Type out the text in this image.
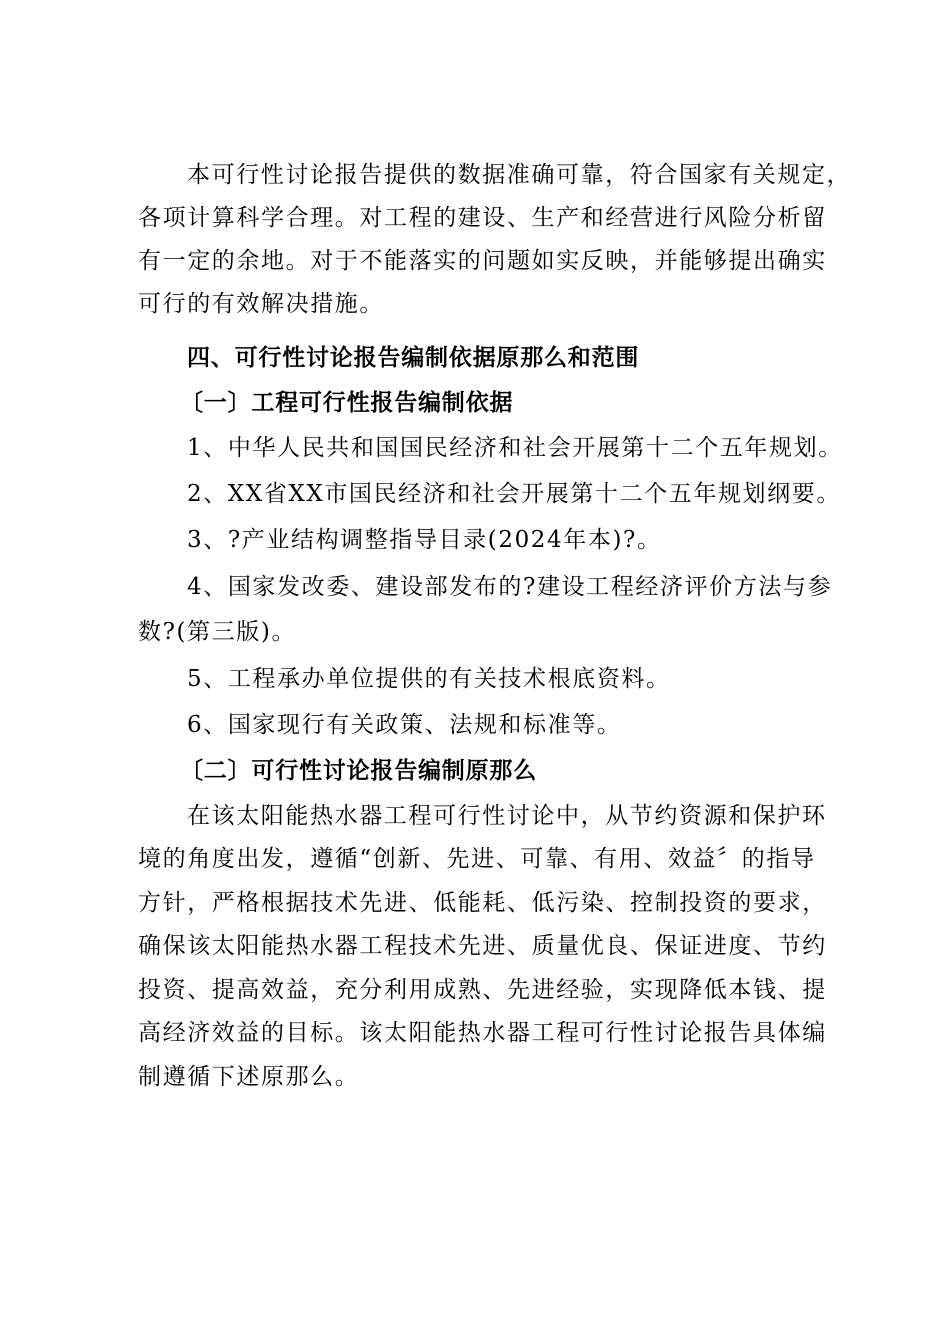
本可行性讨论报告提供的数据准确可靠，符合国家有关规定，
各项计算科学合理。对工程的建设、生产和经营进行风险分析留
有一定的余地。对于不能落实的问题如实反映，并能够提出确实
可行的有效解决措施。
四、可行性讨论报告编制依据原那么和范围
〔一〕工程可行性报告编制依据
1、中华人民共和国国民经济和社会开展第十二个五年规划。
2、XX省XX市国民经济和社会开展第十二个五年规划纲要。
3、?产业结构调整指导目录(2024年本)?。
4、国家发改委、建设部发布的?建设工程经济评价方法与参
数?(第三版)。
5、工程承办单位提供的有关技术根底资料。
6、国家现行有关政策、法规和标准等。
〔二〕可行性讨论报告编制原那么
在该太阳能热水器工程可行性讨论中，从节约资源和保护环
境的角度出发，遵循“创新、先进、可靠、有用、效益〞的指导
方针，严格根据技术先进、低能耗、低污染、控制投资的要求，
确保该太阳能热水器工程技术先进、质量优良、保证进度、节约
投资、提高效益，充分利用成熟、先进经验，实现降低本钱、提
高经济效益的目标。该太阳能热水器工程可行性讨论报告具体编
制遵循下述原那么。
